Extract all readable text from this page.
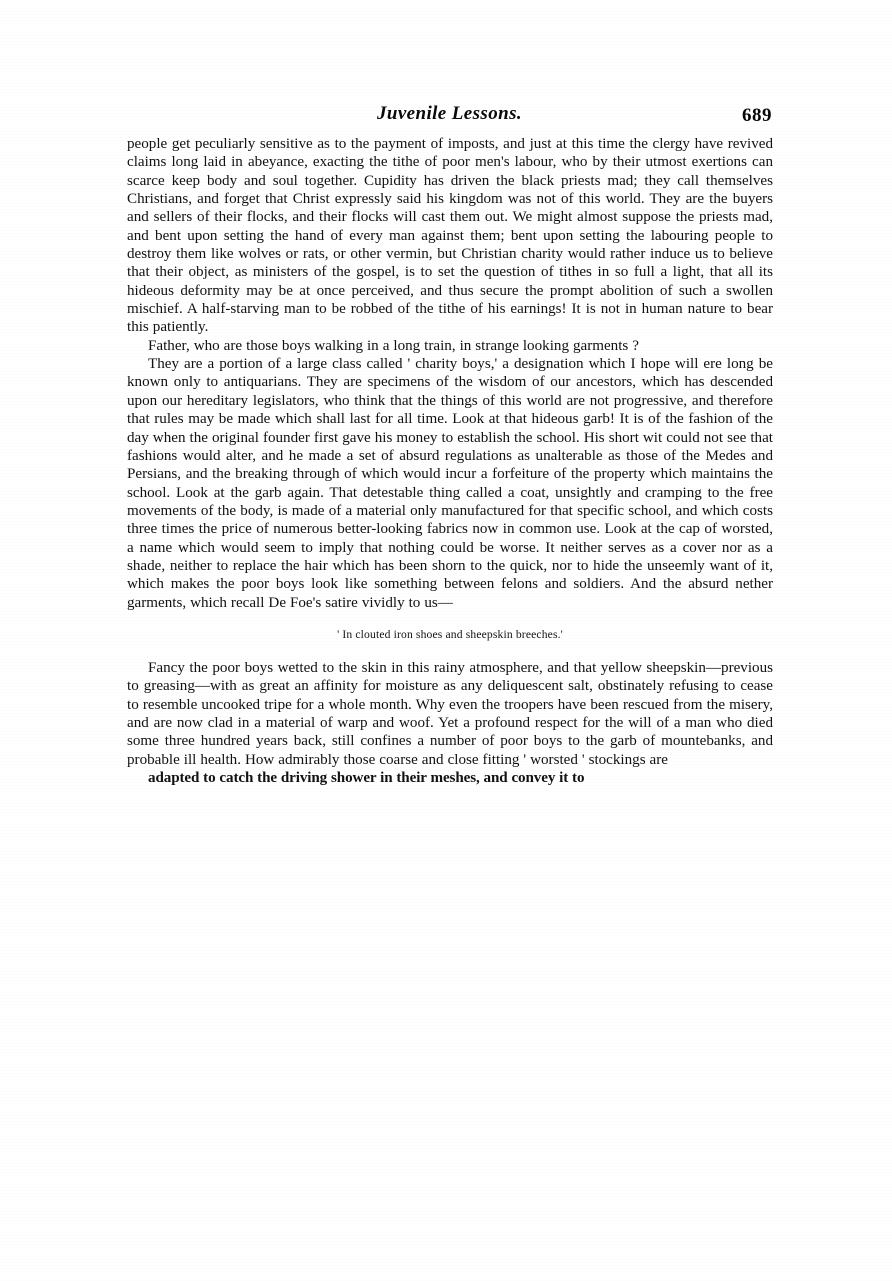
Juvenile Lessons.	689

people get peculiarly sensitive as to the payment of imposts, and just at this time the clergy have revived claims long laid in abeyance, exacting the tithe of poor men's labour, who by their utmost exertions can scarce keep body and soul together. Cupidity has driven the black priests mad; they call themselves Christians, and forget that Christ expressly said his kingdom was not of this world. They are the buyers and sellers of their flocks, and their flocks will cast them out. We might almost suppose the priests mad, and bent upon setting the hand of every man against them; bent upon setting the labouring people to destroy them like wolves or rats, or other vermin, but Christian charity would rather induce us to believe that their object, as ministers of the gospel, is to set the question of tithes in so full a light, that all its hideous deformity may be at once perceived, and thus secure the prompt abolition of such a swollen mischief. A half-starving man to be robbed of the tithe of his earnings! It is not in human nature to bear this patiently.

Father, who are those boys walking in a long train, in strange looking garments ?

They are a portion of a large class called ' charity boys,' a designation which I hope will ere long be known only to antiquarians. They are specimens of the wisdom of our ancestors, which has descended upon our hereditary legislators, who think that the things of this world are not progressive, and therefore that rules may be made which shall last for all time. Look at that hideous garb! It is of the fashion of the day when the original founder first gave his money to establish the school. His short wit could not see that fashions would alter, and he made a set of absurd regulations as unalterable as those of the Medes and Persians, and the breaking through of which would incur a forfeiture of the property which maintains the school. Look at the garb again. That detestable thing called a coat, unsightly and cramping to the free movements of the body, is made of a material only manufactured for that specific school, and which costs three times the price of numerous better-looking fabrics now in common use. Look at the cap of worsted, a name which would seem to imply that nothing could be worse. It neither serves as a cover nor as a shade, neither to replace the hair which has been shorn to the quick, nor to hide the unseemly want of it, which makes the poor boys look like something between felons and soldiers. And the absurd nether garments, which recall De Foe's satire vividly to us—

' In clouted iron shoes and sheepskin breeches.'

Fancy the poor boys wetted to the skin in this rainy atmosphere, and that yellow sheepskin—previous to greasing—with as great an affinity for moisture as any deliquescent salt, obstinately refusing to cease to resemble uncooked tripe for a whole month. Why even the troopers have been rescued from the misery, and are now clad in a material of warp and woof. Yet a profound respect for the will of a man who died some three hundred years back, still confines a number of poor boys to the garb of mountebanks, and probable ill health. How admirably those coarse and close fitting ' worsted ' stockings are
adapted to catch the driving shower in their meshes, and convey it to
